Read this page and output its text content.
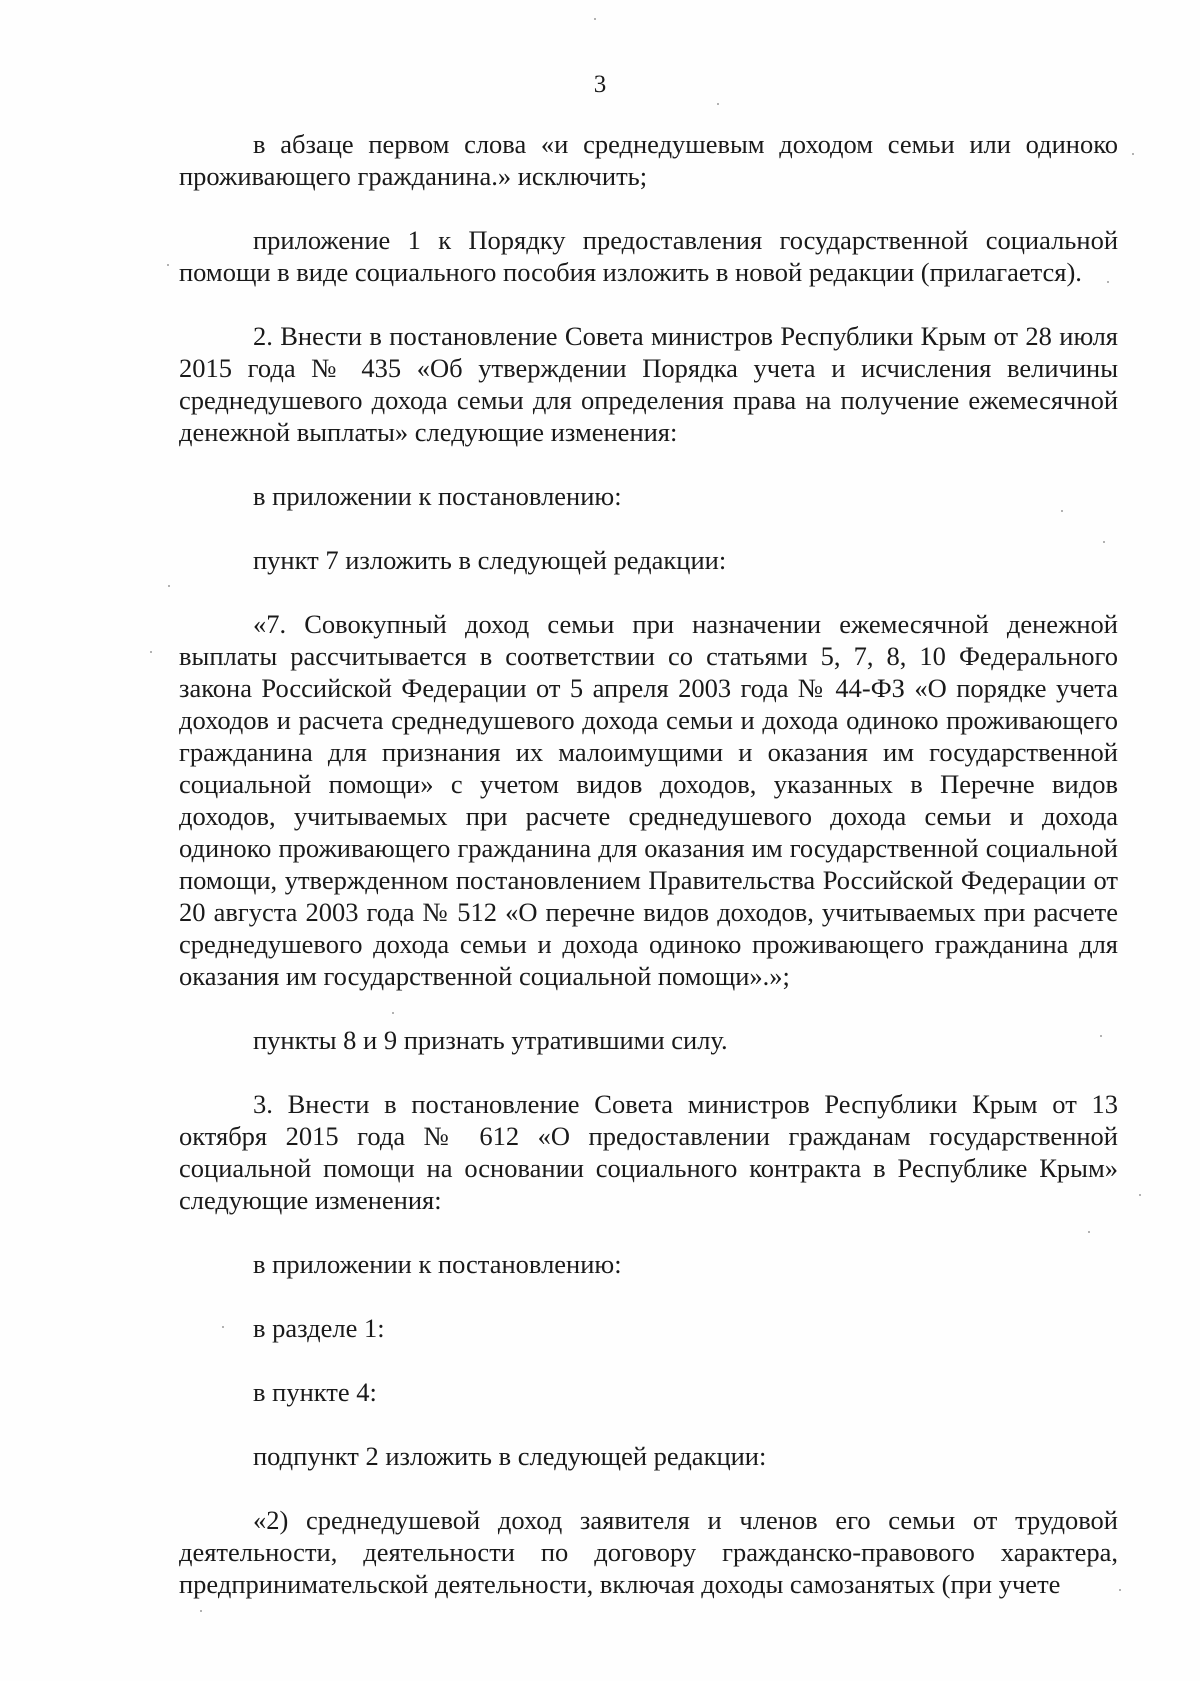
3

в абзаце первом слова «и среднедушевым доходом семьи или одиноко проживающего гражданина.» исключить;

приложение 1 к Порядку предоставления государственной социальной помощи в виде социального пособия изложить в новой редакции (прилагается).

2. Внести в постановление Совета министров Республики Крым от 28 июля 2015 года № 435 «Об утверждении Порядка учета и исчисления величины среднедушевого дохода семьи для определения права на получение ежемесячной денежной выплаты» следующие изменения:

в приложении к постановлению:

пункт 7 изложить в следующей редакции:

«7. Совокупный доход семьи при назначении ежемесячной денежной выплаты рассчитывается в соответствии со статьями 5, 7, 8, 10 Федерального закона Российской Федерации от 5 апреля 2003 года № 44-ФЗ «О порядке учета доходов и расчета среднедушевого дохода семьи и дохода одиноко проживающего гражданина для признания их малоимущими и оказания им государственной социальной помощи» с учетом видов доходов, указанных в Перечне видов доходов, учитываемых при расчете среднедушевого дохода семьи и дохода одиноко проживающего гражданина для оказания им государственной социальной помощи, утвержденном постановлением Правительства Российской Федерации от 20 августа 2003 года № 512 «О перечне видов доходов, учитываемых при расчете среднедушевого дохода семьи и дохода одиноко проживающего гражданина для оказания им государственной социальной помощи».»;

пункты 8 и 9 признать утратившими силу.

3. Внести в постановление Совета министров Республики Крым от 13 октября 2015 года № 612 «О предоставлении гражданам государственной социальной помощи на основании социального контракта в Республике Крым» следующие изменения:

в приложении к постановлению:

в разделе 1:

в пункте 4:

подпункт 2 изложить в следующей редакции:

«2) среднедушевой доход заявителя и членов его семьи от трудовой деятельности, деятельности по договору гражданско-правового характера, предпринимательской деятельности, включая доходы самозанятых (при учете
